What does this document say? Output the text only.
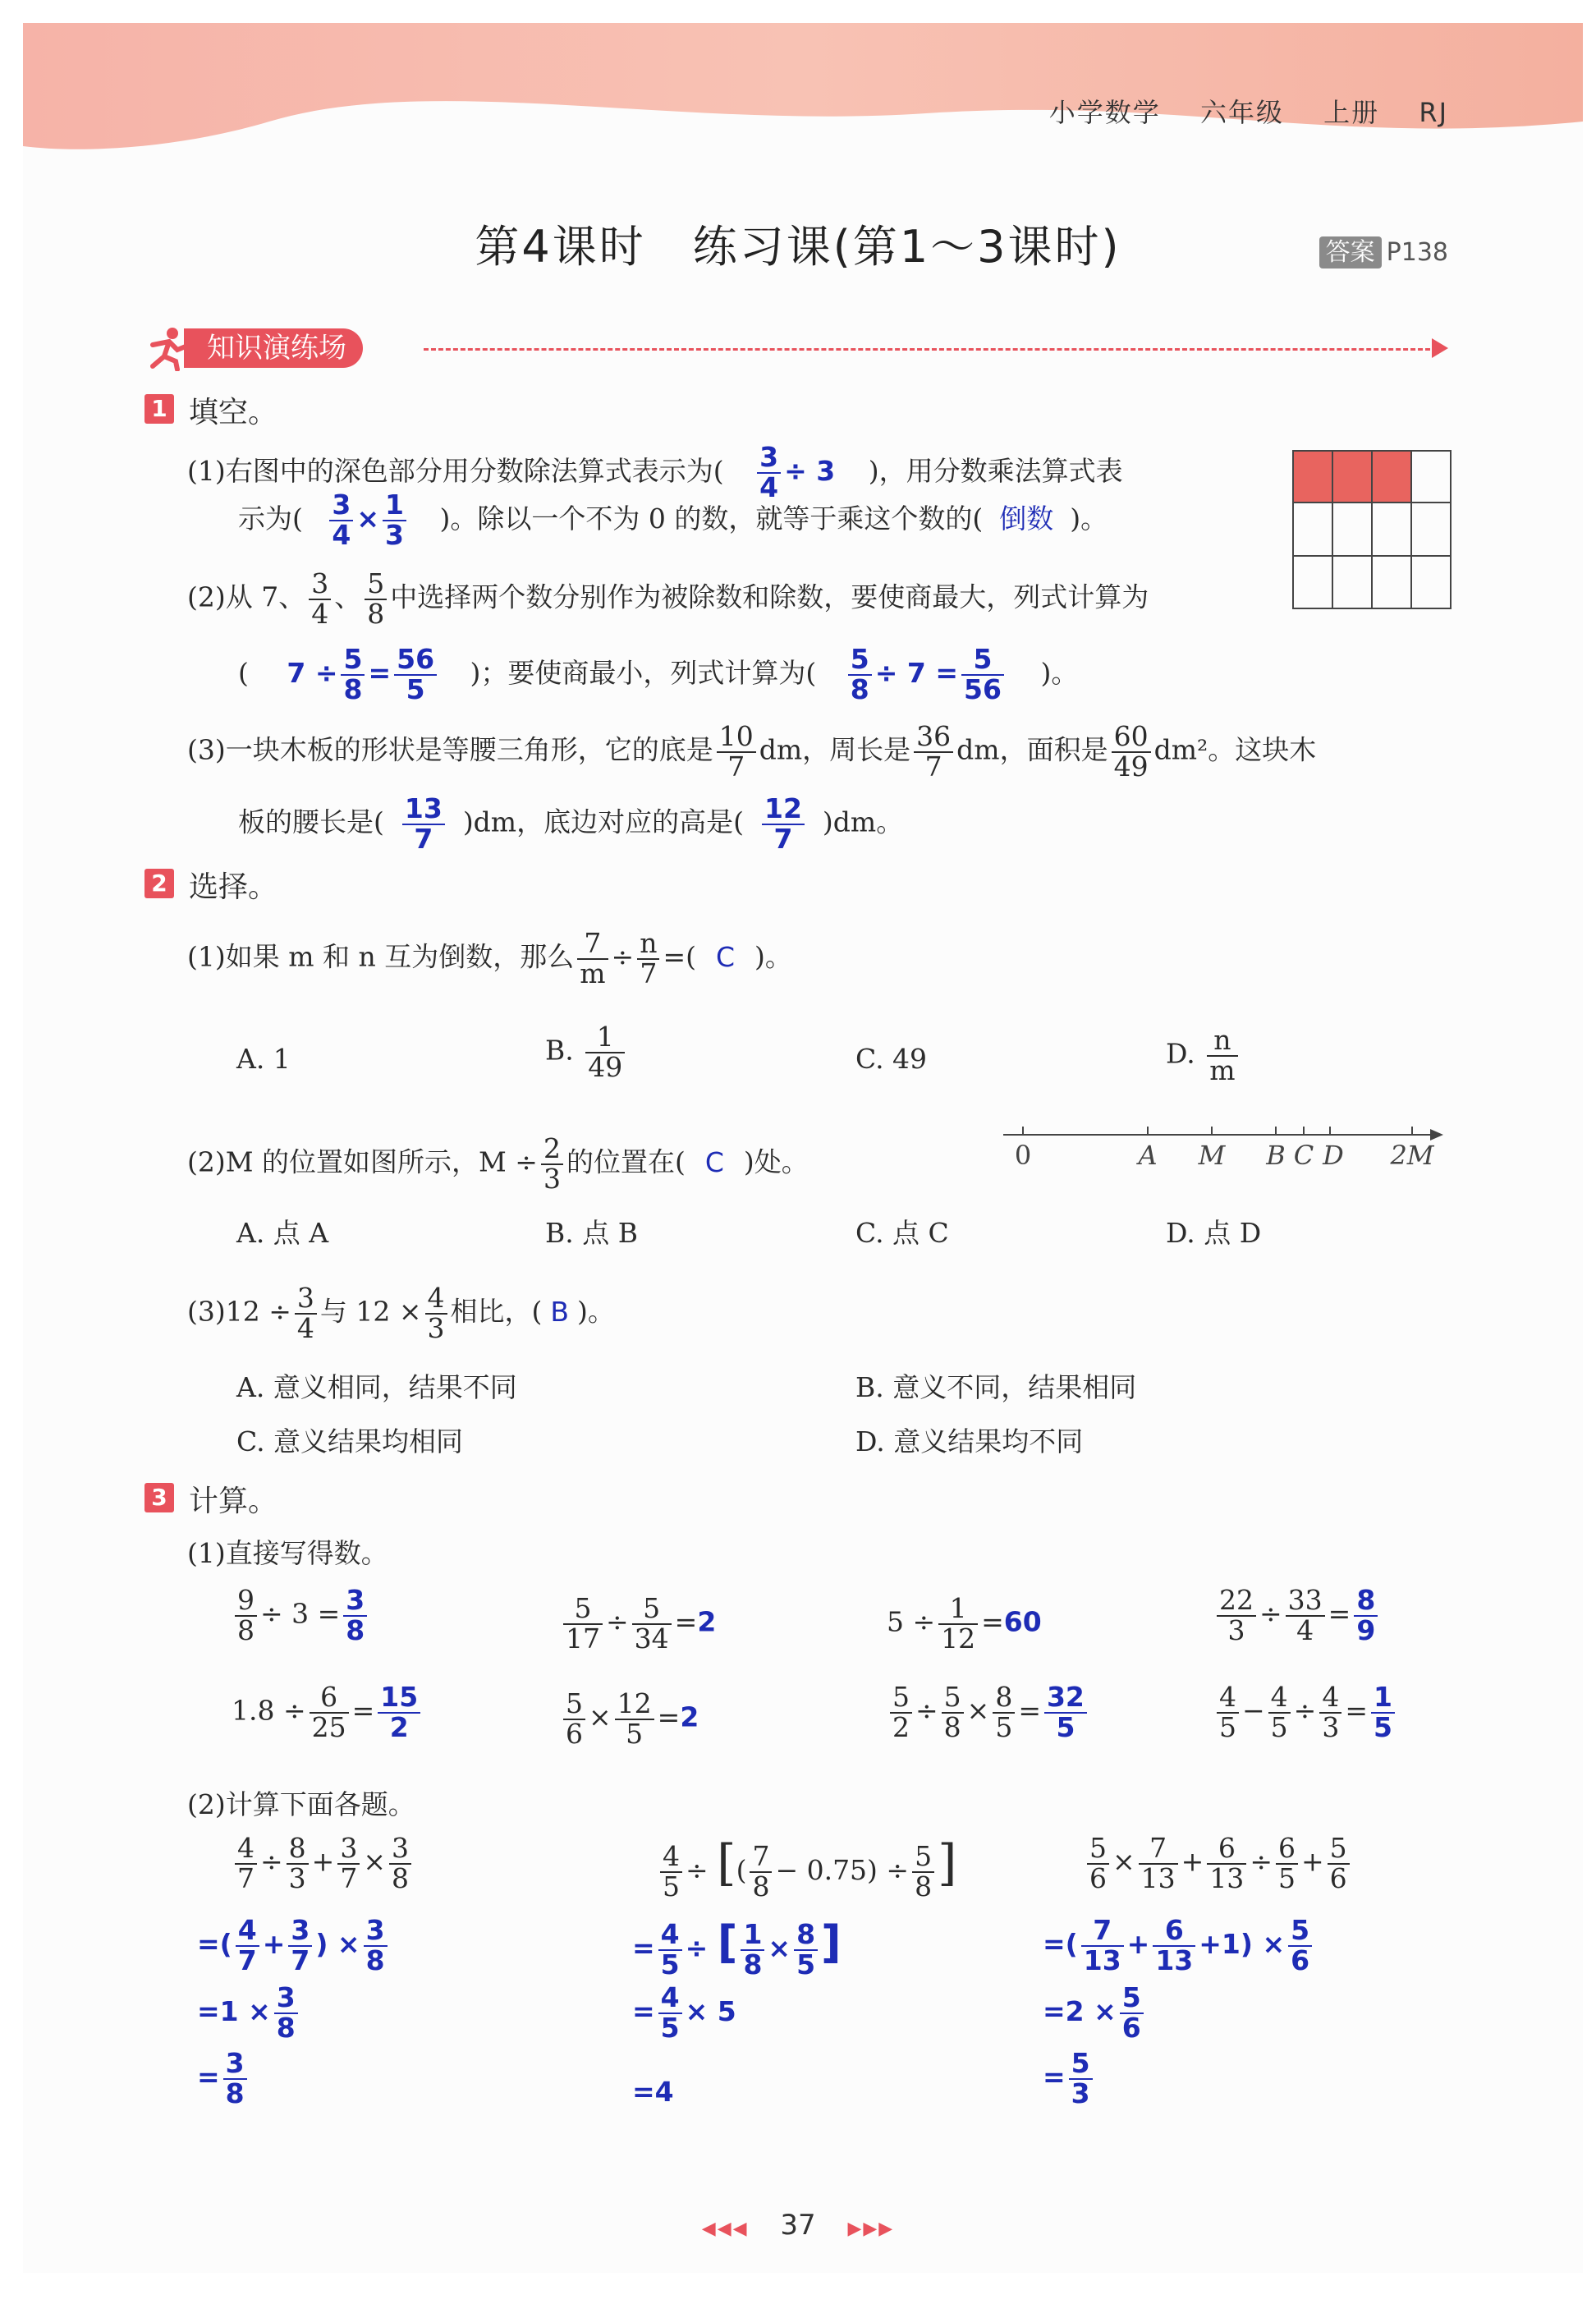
小学数学 六年级 上册 RJ
第4课时　练习课(第1～3课时)	答案 P138
知识演练场
1 填空。
(1)右图中的深色部分用分数除法算式表示为( $\frac{3}{4} \div 3$ )，用分数乘法算式表
示为( $\frac{3}{4} \times \frac{1}{3}$ )。除以一个不为 0 的数，就等于乘这个数的( 倒数 )。
(2)从 7、 $\frac{3}{4}$ 、 $\frac{5}{8}$ 中选择两个数分别作为被除数和除数，要使商最大，列式计算为
( $7 \div \frac{5}{8} = \frac{56}{5}$ )；要使商最小，列式计算为( $\frac{5}{8} \div 7 = \frac{5}{56}$ )。
(3)一块木板的形状是等腰三角形，它的底是 $\frac{10}{7}$ dm，周长是 $\frac{36}{7}$ dm，面积是 $\frac{60}{49} dm^2$。这块木
板的腰长是( $\frac{13}{7} )dm$，底边对应的高是( $\frac{12}{7} )dm$。
2 选择。
(1)如果 m 和 n 互为倒数，那么 $\frac{7}{m} \div \frac{n}{7}$ =( C )。
A. 1	B. $\frac{1}{49}$	C. 49	D. $\frac{n}{m}$
(2)M 的位置如图所示，$M \div \frac{2}{3}$ 的位置在( C )处。	0	A M B C D 2M
A. 点 A	B. 点 B	C. 点 C	D. 点 D
$(3)12 \div \frac{3}{4}$ 与 $12 \times \frac{4}{3}$ 相比，( B )。
A. 意义相同，结果不同	B. 意义不同，结果相同
C. 意义结果均相同	D. 意义结果均不同
3 计算。
(1)直接写得数。
$\frac{9}{8} \div 3 = \frac{3}{8}$	$\frac{5}{17} \div \frac{5}{34} =2$	$5 \div \frac{1}{12} =60$	$\frac{22}{3} \div \frac{33}{4} = \frac{8}{9}$
$1.8 \div \frac{6}{25} = \frac{15}{2}$	$\frac{5}{6} \times \frac{12}{5} =2$	$\frac{5}{2} \div \frac{5}{8} \times \frac{8}{5} = \frac{32}{5}$	$\frac{4}{5} - \frac{4}{5} \div \frac{4}{3} = \frac{1}{5}$
(2)计算下面各题。
$\frac{4}{7} \div \frac{8}{3} + \frac{3}{7} \times \frac{3}{8}$
=( $\frac{4}{7} + \frac{3}{7}$ ) × $\frac{3}{8}$
$=1 \times \frac{3}{8}$
= $\frac{3}{8}$
$\frac{4}{5}$ ÷ [( $\frac{7}{8} - 0.75) \div \frac{5}{8}$ ]
= $\frac{4}{5}$ ÷ [ $\frac{1}{8} \times \frac{8}{5}$ ]
= $\frac{4}{5} \times 5$
=4
$\frac{5}{6} \times \frac{7}{13} + \frac{6}{13} \div \frac{6}{5} + \frac{5}{6}$
=( $\frac{7}{13} + \frac{6}{13} +1) \times \frac{5}{6}$
$=2 \times \frac{5}{6}$
= $\frac{5}{3}$
◀◀◀ 37 ▶▶▶
